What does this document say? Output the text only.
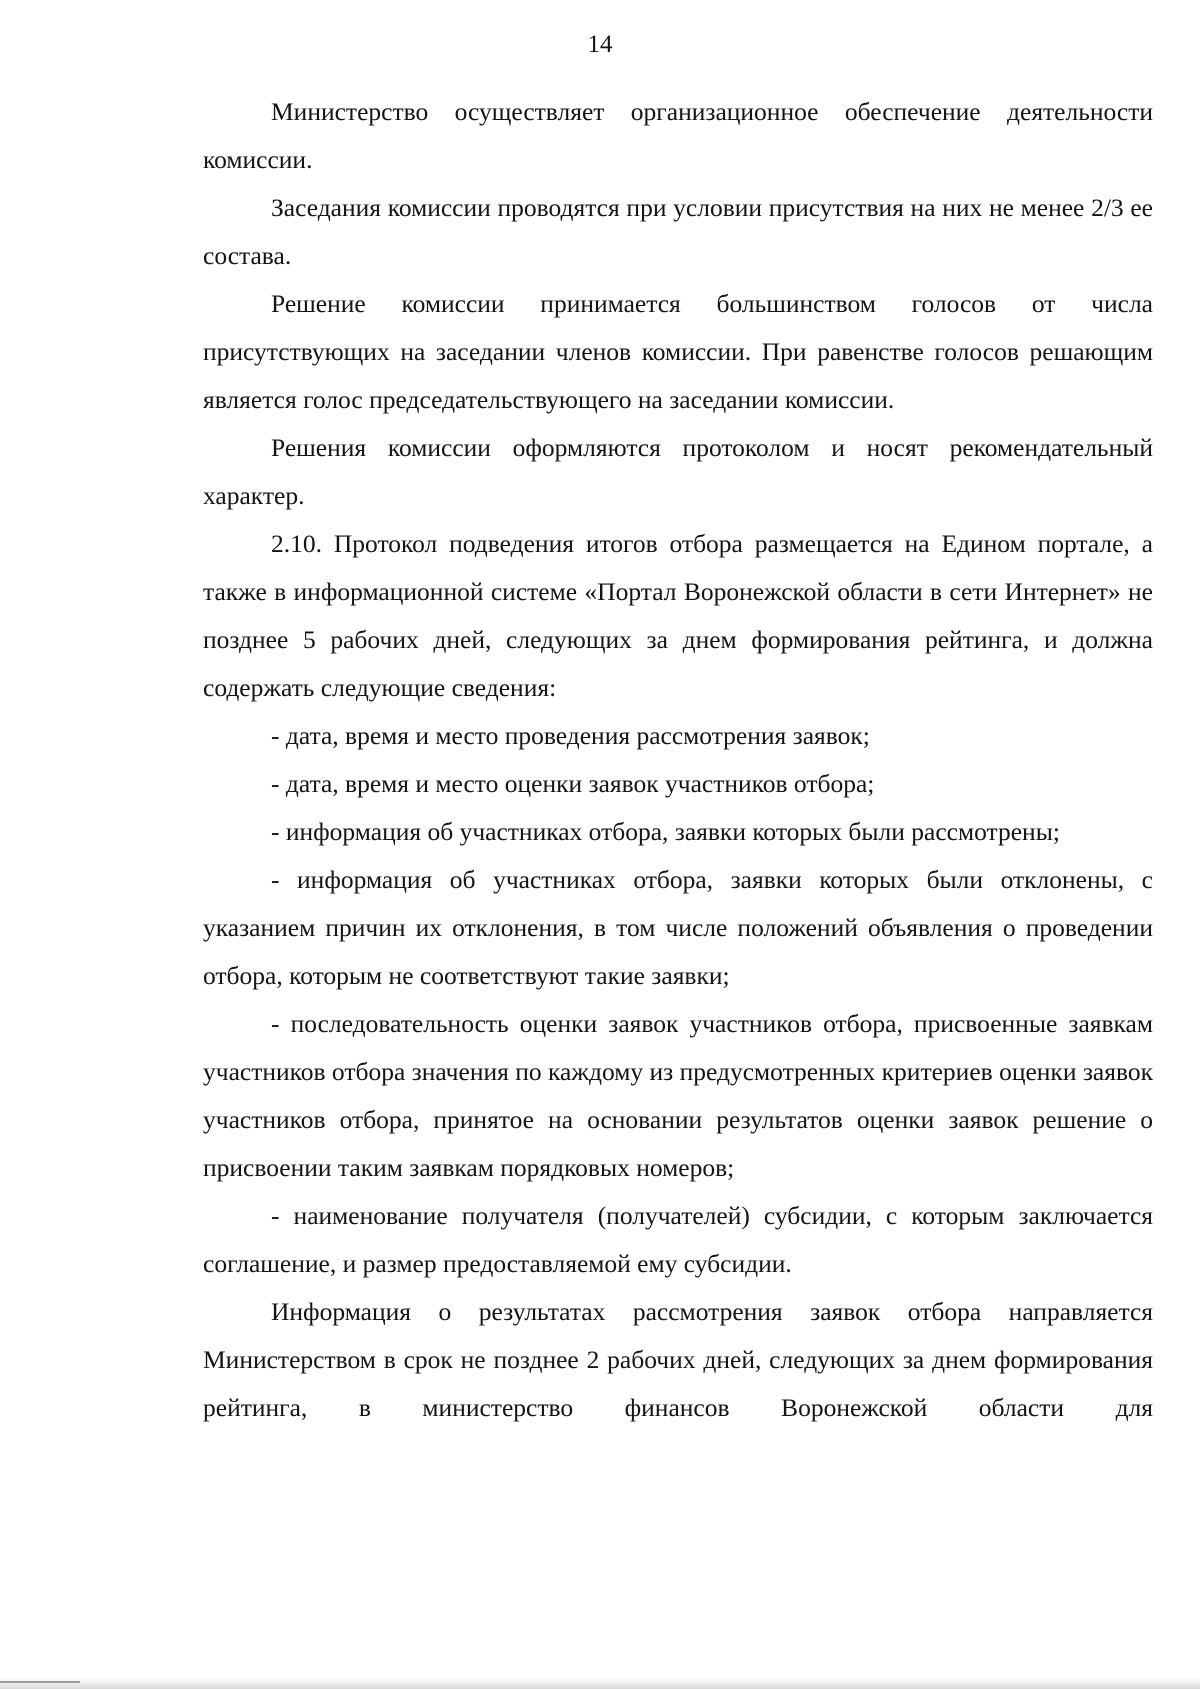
14

Министерство осуществляет организационное обеспечение деятельности комиссии.

Заседания комиссии проводятся при условии присутствия на них не менее 2/3 ее состава.

Решение комиссии принимается большинством голосов от числа присутствующих на заседании членов комиссии. При равенстве голосов решающим является голос председательствующего на заседании комиссии.

Решения комиссии оформляются протоколом и носят рекомендательный характер.

2.10. Протокол подведения итогов отбора размещается на Едином портале, а также в информационной системе «Портал Воронежской области в сети Интернет» не позднее 5 рабочих дней, следующих за днем формирования рейтинга, и должна содержать следующие сведения:

- дата, время и место проведения рассмотрения заявок;

- дата, время и место оценки заявок участников отбора;

- информация об участниках отбора, заявки которых были рассмотрены;

- информация об участниках отбора, заявки которых были отклонены, с указанием причин их отклонения, в том числе положений объявления о проведении отбора, которым не соответствуют такие заявки;

- последовательность оценки заявок участников отбора, присвоенные заявкам участников отбора значения по каждому из предусмотренных критериев оценки заявок участников отбора, принятое на основании результатов оценки заявок решение о присвоении таким заявкам порядковых номеров;

- наименование получателя (получателей) субсидии, с которым заключается соглашение, и размер предоставляемой ему субсидии.

Информация о результатах рассмотрения заявок отбора направляется Министерством в срок не позднее 2 рабочих дней, следующих за днем формирования рейтинга, в министерство финансов Воронежской области для
